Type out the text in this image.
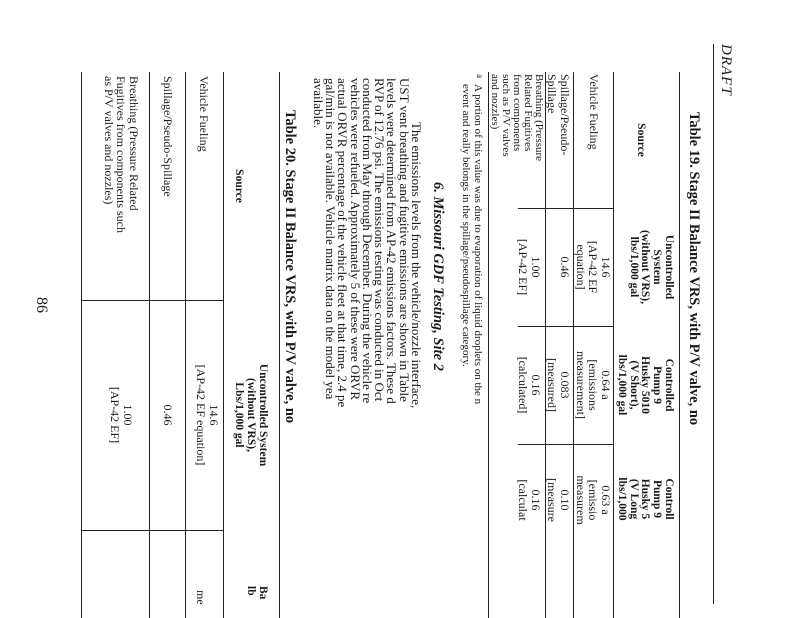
DRAFT
Table 19. Stage II Balance VRS, with P/V valve, no
Source
Uncontrolled
System
(without VRS),
lbs/1,000 gal
Controlled
Pump 9
Husky 5010
(V Short),
lbs/1,000 gal
Controll
Pump 9
Husky 5
(V Long
lbs/1,000
Vehicle Fueling
14.6
[AP-42 EF
equation]
0.64 a
[emissions
measurement]
0.63 a
[emissio
measurem
Spillage/Pseudo-
Spillage
0.46
0.083
[measured]
0.10
[measure
Breathing (Pressure
Related Fugitives
from components
such as P/V valves
and nozzles)
1.00
[AP-42 EF]
0.16
[calculated]
0.16
[calculat
$^a$
A portion of this value was due to evaporation of liquid droplets on the n
event and really belongs in the spillage/pseudospillage category.
6. Missouri GDF Testing, Site 2
The emissions levels from the vehicle/nozzle interface,
UST vent breathing and fugitive emissions are shown in Table
levels were determined from AP-42 emissions factors. These d
RVP of 12.76 psi. The emissions testing was conducted in Oct
conducted from May through December. During the vehicle re
vehicles were refueled. Approximately 5 of these were ORVR
actual ORVR percentage of the vehicle fleet at that time, 2.4 pe
gal/min is not available. Vehicle matrix data on the model yea
available.
Table 20. Stage II Balance VRS, with P/V valve, no
Source
Uncontrolled System
(without VRS),
Lbs/1,000 gal
Ba
lb
Vehicle Fueling
14.6
[AP-42 EF equation]

me
Spillage/Pseudo-Spillage
0.46
Breathing (Pressure Related
Fugitives from components such
as P/V valves and nozzles)
1.00
[AP-42 EF]
86
